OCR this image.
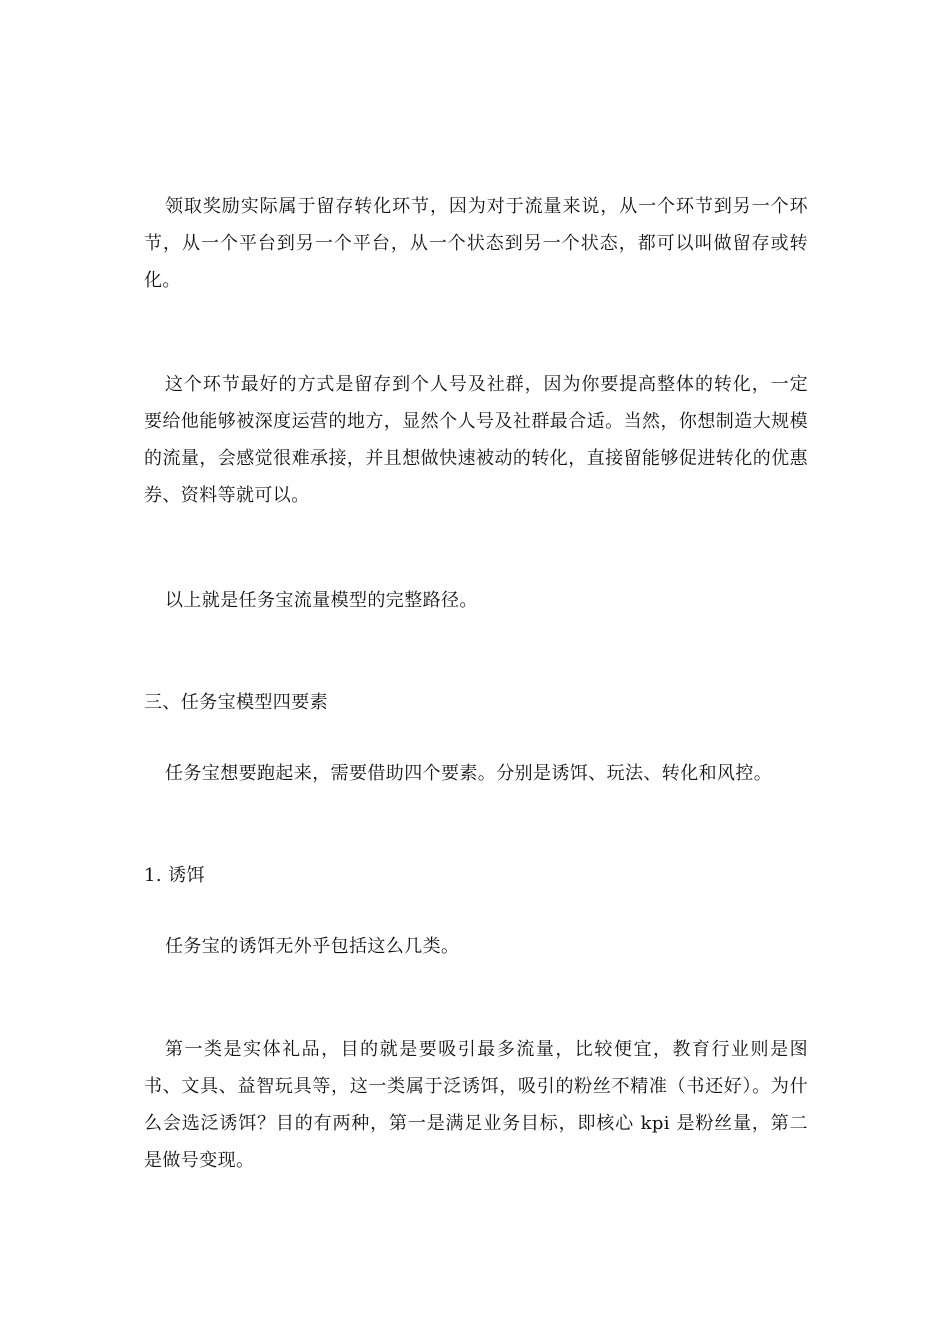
领取奖励实际属于留存转化环节，因为对于流量来说，从一个环节到另一个环节，从一个平台到另一个平台，从一个状态到另一个状态，都可以叫做留存或转化。

这个环节最好的方式是留存到个人号及社群，因为你要提高整体的转化，一定要给他能够被深度运营的地方，显然个人号及社群最合适。当然，你想制造大规模的流量，会感觉很难承接，并且想做快速被动的转化，直接留能够促进转化的优惠券、资料等就可以。

以上就是任务宝流量模型的完整路径。

三、任务宝模型四要素

任务宝想要跑起来，需要借助四个要素。分别是诱饵、玩法、转化和风控。

1. 诱饵

任务宝的诱饵无外乎包括这么几类。

第一类是实体礼品，目的就是要吸引最多流量，比较便宜，教育行业则是图书、文具、益智玩具等，这一类属于泛诱饵，吸引的粉丝不精准（书还好）。为什么会选泛诱饵？目的有两种，第一是满足业务目标，即核心 kpi 是粉丝量，第二是做号变现。
